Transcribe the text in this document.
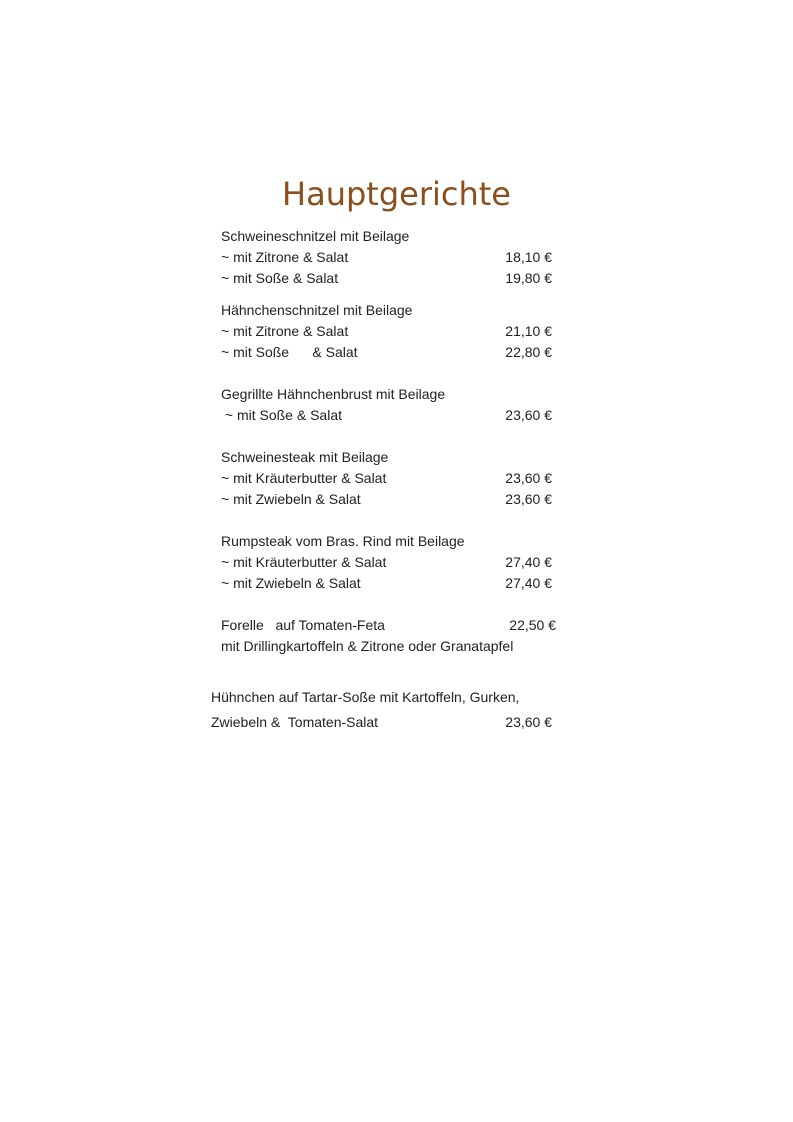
Hauptgerichte
Schweineschnitzel mit Beilage
~ mit Zitrone & Salat	18,10 €
~ mit Soße & Salat	19,80 €
Hähnchenschnitzel mit Beilage
~ mit Zitrone & Salat	21,10 €
~ mit Soße      & Salat	22,80 €
Gegrillte Hähnchenbrust mit Beilage
~ mit Soße & Salat	23,60 €
Schweinesteak mit Beilage
~ mit Kräuterbutter & Salat	23,60 €
~ mit Zwiebeln & Salat	23,60 €
Rumpsteak vom Bras. Rind mit Beilage
~ mit Kräuterbutter & Salat	27,40 €
~ mit Zwiebeln & Salat	27,40 €
Forelle   auf Tomaten-Feta	22,50 €
mit Drillingkartoffeln & Zitrone oder Granatapfel
Hühnchen auf Tartar-Soße mit Kartoffeln, Gurken,
Zwiebeln &  Tomaten-Salat	23,60 €
